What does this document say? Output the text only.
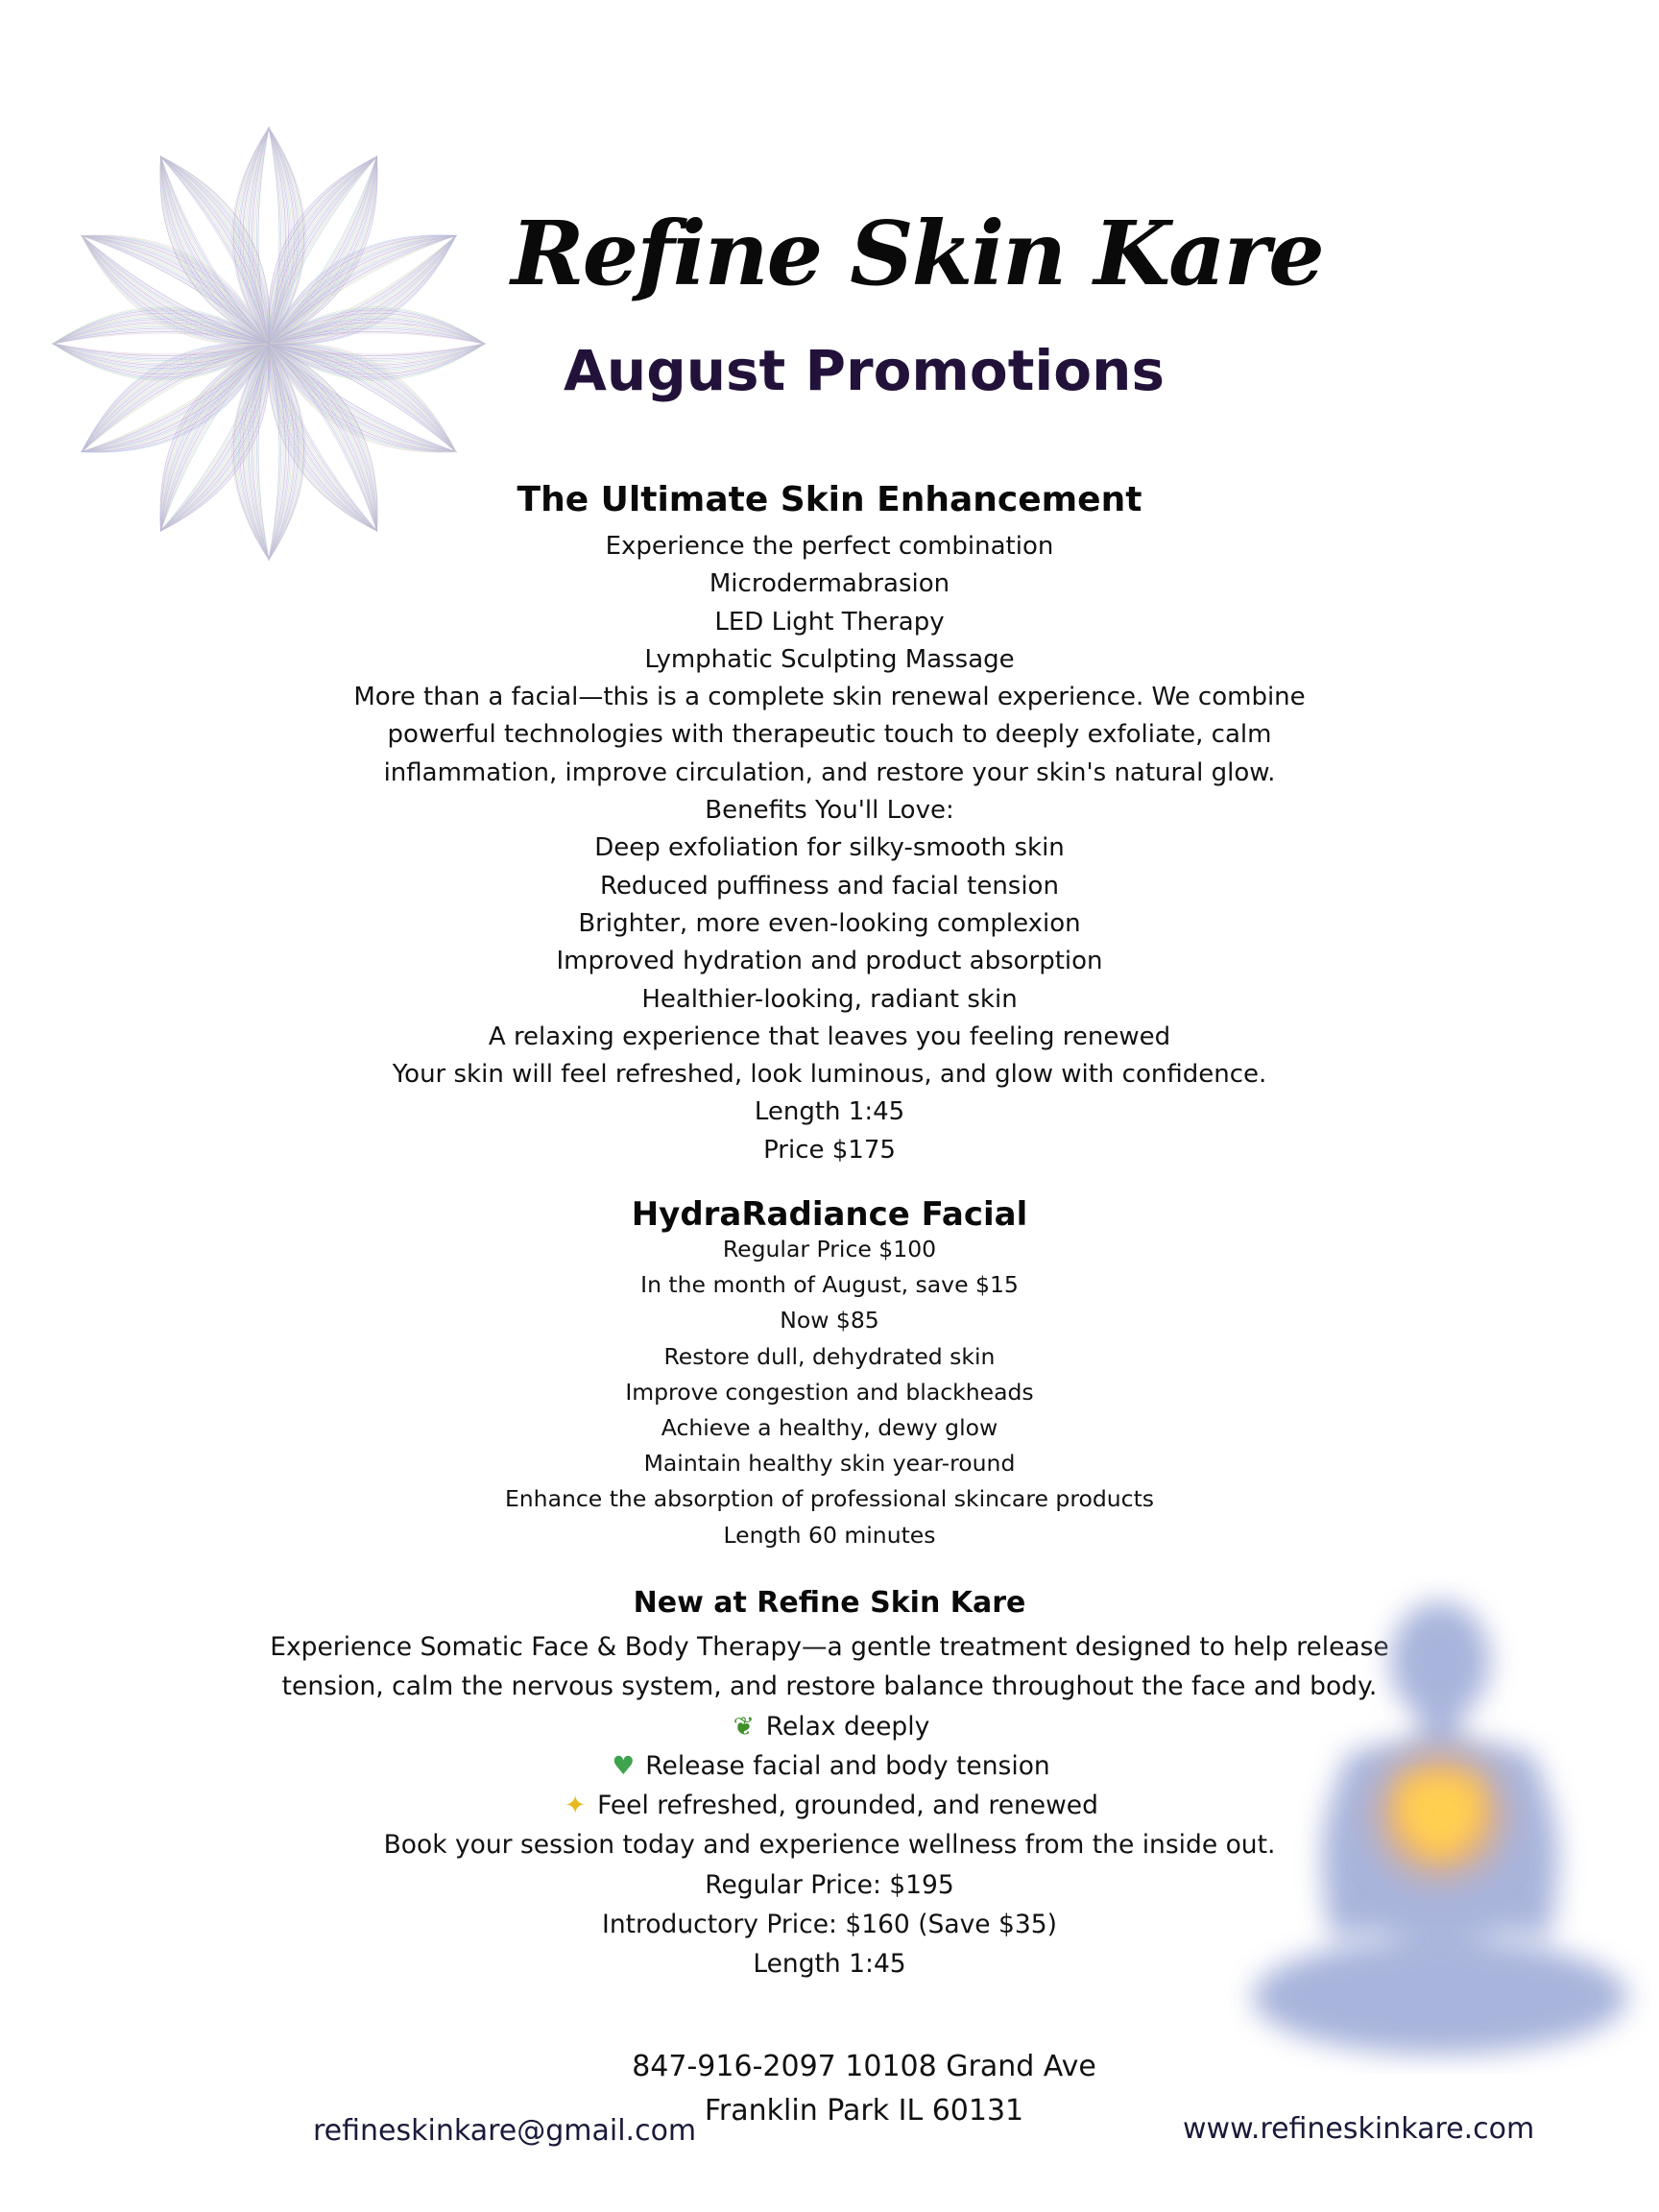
Refine Skin Kare
August Promotions
The Ultimate Skin Enhancement
Experience the perfect combination
Microdermabrasion
LED Light Therapy
Lymphatic Sculpting Massage
More than a facial—this is a complete skin renewal experience. We combine
powerful technologies with therapeutic touch to deeply exfoliate, calm
inflammation, improve circulation, and restore your skin's natural glow.
Benefits You'll Love:
Deep exfoliation for silky-smooth skin
Reduced puffiness and facial tension
Brighter, more even-looking complexion
Improved hydration and product absorption
Healthier-looking, radiant skin
A relaxing experience that leaves you feeling renewed
Your skin will feel refreshed, look luminous, and glow with confidence.
Length 1:45
Price $175
HydraRadiance Facial
Regular Price $100
In the month of August, save $15
Now $85
Restore dull, dehydrated skin
Improve congestion and blackheads
Achieve a healthy, dewy glow
Maintain healthy skin year-round
Enhance the absorption of professional skincare products
Length 60 minutes
New at Refine Skin Kare
Experience Somatic Face & Body Therapy—a gentle treatment designed to help release
tension, calm the nervous system, and restore balance throughout the face and body.
❦ Relax deeply
♥ Release facial and body tension
✦ Feel refreshed, grounded, and renewed
Book your session today and experience wellness from the inside out.
Regular Price: $195
Introductory Price: $160 (Save $35)
Length 1:45
847-916-2097 10108 Grand Ave
Franklin Park IL 60131
refineskinkare@gmail.com	www.refineskinkare.com
